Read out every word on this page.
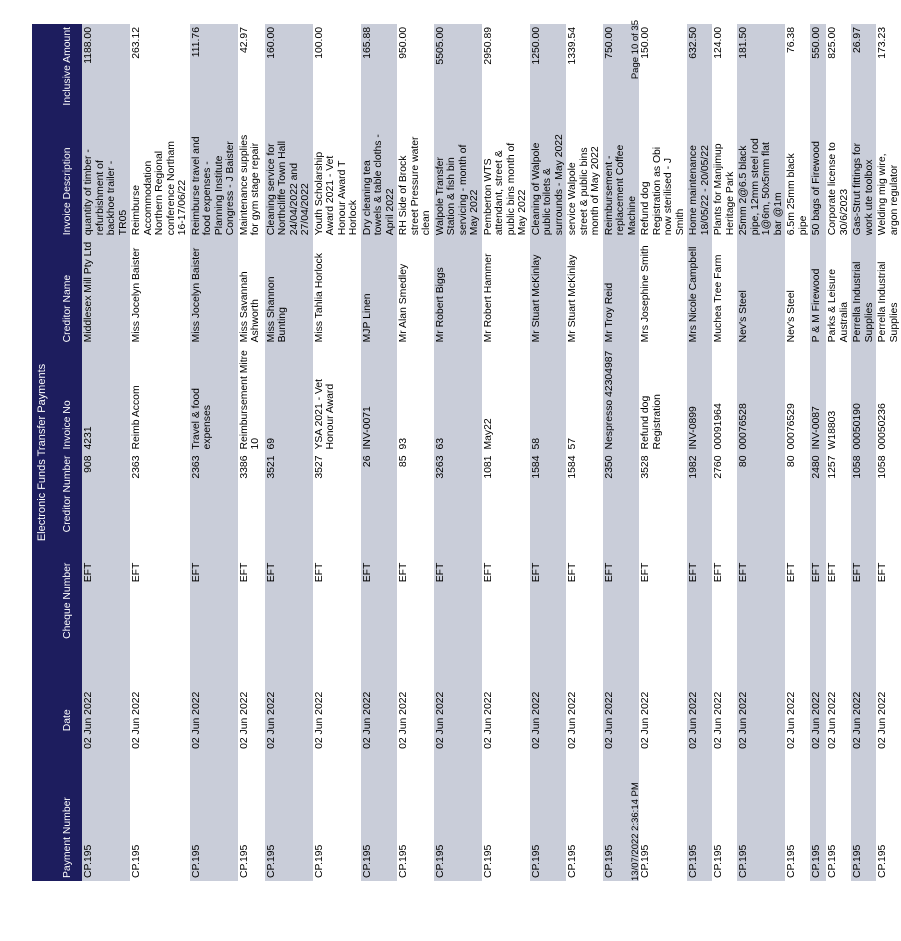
Electronic Funds Transfer Payments							
Payment Number	Date	Cheque Number	Creditor Number	Invoice No	Creditor Name	Invoice Description	Inclusive Amount
CP.195	02 Jun 2022	EFT	908	4231	Middlesex Mill Pty Ltd	quantity of timber - refurbishment of backhoe trailer - TR05	1188.00
CP.195	02 Jun 2022	EFT	2363	Reimb Accom	Miss Jocelyn Baister	Reimburse Accommodation Northern Regional conference Northam 16-17/06/22	263.12
CP.195	02 Jun 2022	EFT	2363	Travel & food expenses	Miss Jocelyn Baister	Reimburse travel and food expenses - Planning Institute Congress - J Baister	111.76
CP.195	02 Jun 2022	EFT	3386	Reimbursement Mitre 10	Miss Savannah Ashworth	Maintenance supplies for gym stage repair	42.97
CP.195	02 Jun 2022	EFT	3521	69	Miss Shannon Bunting	Cleaning service for Northcliffe Town Hall 24/04/2022 and 27/04/2022	160.00
CP.195	02 Jun 2022	EFT	3527	YSA 2021 - Vet Honour Award	Miss Tahlia Horlock	Youth Scholarship Award 2021 - Vet Honour Award T Horlock	100.00
CP.195	02 Jun 2022	EFT	26	INV-0071	MJP Linen	Dry cleaning tea towels & table cloths - April 2022	165.88
CP.195	02 Jun 2022	EFT	85	93	Mr Alan Smedley	RH Side of Brock street Pressure water clean	950.00
CP.195	02 Jun 2022	EFT	3263	63	Mr Robert Biggs	Walpole Transfer Station & fish bin servicing - month of May 2022	5505.00
CP.195	02 Jun 2022	EFT	1081	May22	Mr Robert Hammer	Pemberton WTS attendant, street & public bins month of May 2022	2950.89
CP.195	02 Jun 2022	EFT	1584	58	Mr Stuart McKinlay	Cleaning of Walpole public toilets & surrounds - May 2022	1250.00
CP.195	02 Jun 2022	EFT	1584	57	Mr Stuart McKinlay	service Walpole street & public bins month of May 2022	1339.54
CP.195	02 Jun 2022	EFT	2350	Nespresso 42304987	Mr Troy Reid	Reimbursement - replacement Coffee Machine	750.00
CP.195	02 Jun 2022	EFT	3528	Refund dog Registration	Mrs Josephine Smith	Refund dog Registration as Obi now sterilised - J Smith	150.00
CP.195	02 Jun 2022	EFT	1982	INV-0899	Mrs Nicole Campbell	Home maintenance 18/05/22 - 20/05/22	632.50
CP.195	02 Jun 2022	EFT	2760	00091964	Muchea Tree Farm	Plants for Manjimup Heritage Park	124.00
CP.195	02 Jun 2022	EFT	80	00076528	Nev's Steel	25mm 2@6.5 black pipe, 12mm steel rod 1@6m, 50x5mm flat bar @1m	181.50
CP.195	02 Jun 2022	EFT	80	00076529	Nev's Steel	6.5m 25mm black pipe	76.38
CP.195	02 Jun 2022	EFT	2480	INV-0087	P & M Firewood	50 bags of Firewood	550.00
CP.195	02 Jun 2022	EFT	1257	W18803	Parks & Leisure Australia	Corporate license to 30/6/2023	825.00
CP.195	02 Jun 2022	EFT	1058	00050190	Perrella Industrial Supplies	Gas-Strut fittings for work ute toolbox	26.97
CP.195	02 Jun 2022	EFT	1058	00050236	Perrella Industrial Supplies	Welding mig wire, argon regulator	173.23
13/07/2022 2:36:14 PM
Page 10 of 35
